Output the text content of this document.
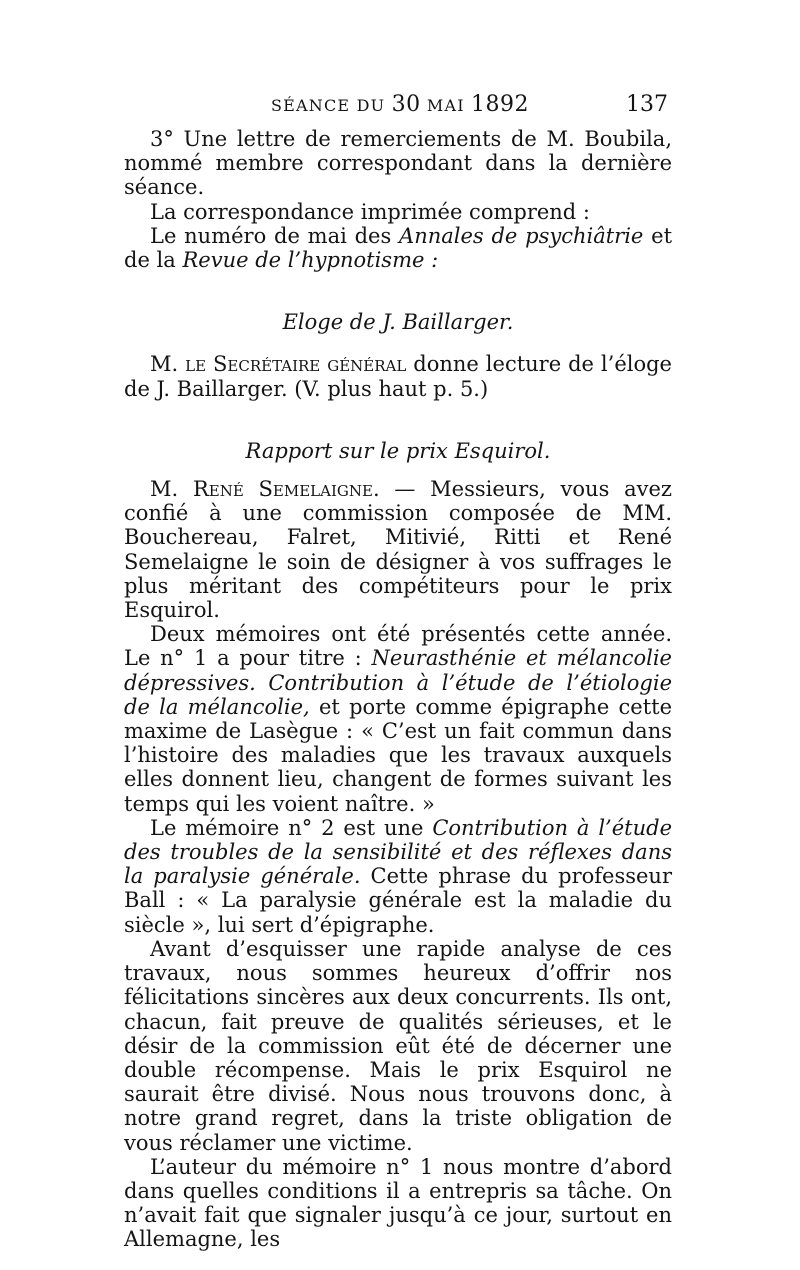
SÉANCE DU 30 MAI 1892	137

3° Une lettre de remerciements de M. Boubila, nommé membre correspondant dans la dernière séance.

La correspondance imprimée comprend :

Le numéro de mai des Annales de psychiâtrie et de la Revue de l’hypnotisme :

Eloge de J. Baillarger.

M. le Secrétaire général donne lecture de l’éloge de J. Baillarger. (V. plus haut p. 5.)

Rapport sur le prix Esquirol.

M. René Semelaigne. — Messieurs, vous avez confié à une commission composée de MM. Bouchereau, Falret, Mitivié, Ritti et René Semelaigne le soin de désigner à vos suffrages le plus méritant des compétiteurs pour le prix Esquirol.

Deux mémoires ont été présentés cette année. Le n° 1 a pour titre : Neurasthénie et mélancolie dépressives. Contribution à l’étude de l’étiologie de la mélancolie, et porte comme épigraphe cette maxime de Lasègue : « C’est un fait commun dans l’histoire des maladies que les travaux auxquels elles donnent lieu, changent de formes suivant les temps qui les voient naître. »

Le mémoire n° 2 est une Contribution à l’étude des troubles de la sensibilité et des réflexes dans la paralysie générale. Cette phrase du professeur Ball : « La paralysie générale est la maladie du siècle », lui sert d’épigraphe.

Avant d’esquisser une rapide analyse de ces travaux, nous sommes heureux d’offrir nos félicitations sincères aux deux concurrents. Ils ont, chacun, fait preuve de qualités sérieuses, et le désir de la commission eût été de décerner une double récompense. Mais le prix Esquirol ne saurait être divisé. Nous nous trouvons donc, à notre grand regret, dans la triste obligation de vous réclamer une victime.

L’auteur du mémoire n° 1 nous montre d’abord dans quelles conditions il a entrepris sa tâche. On n’avait fait que signaler jusqu’à ce jour, surtout en Allemagne, les
